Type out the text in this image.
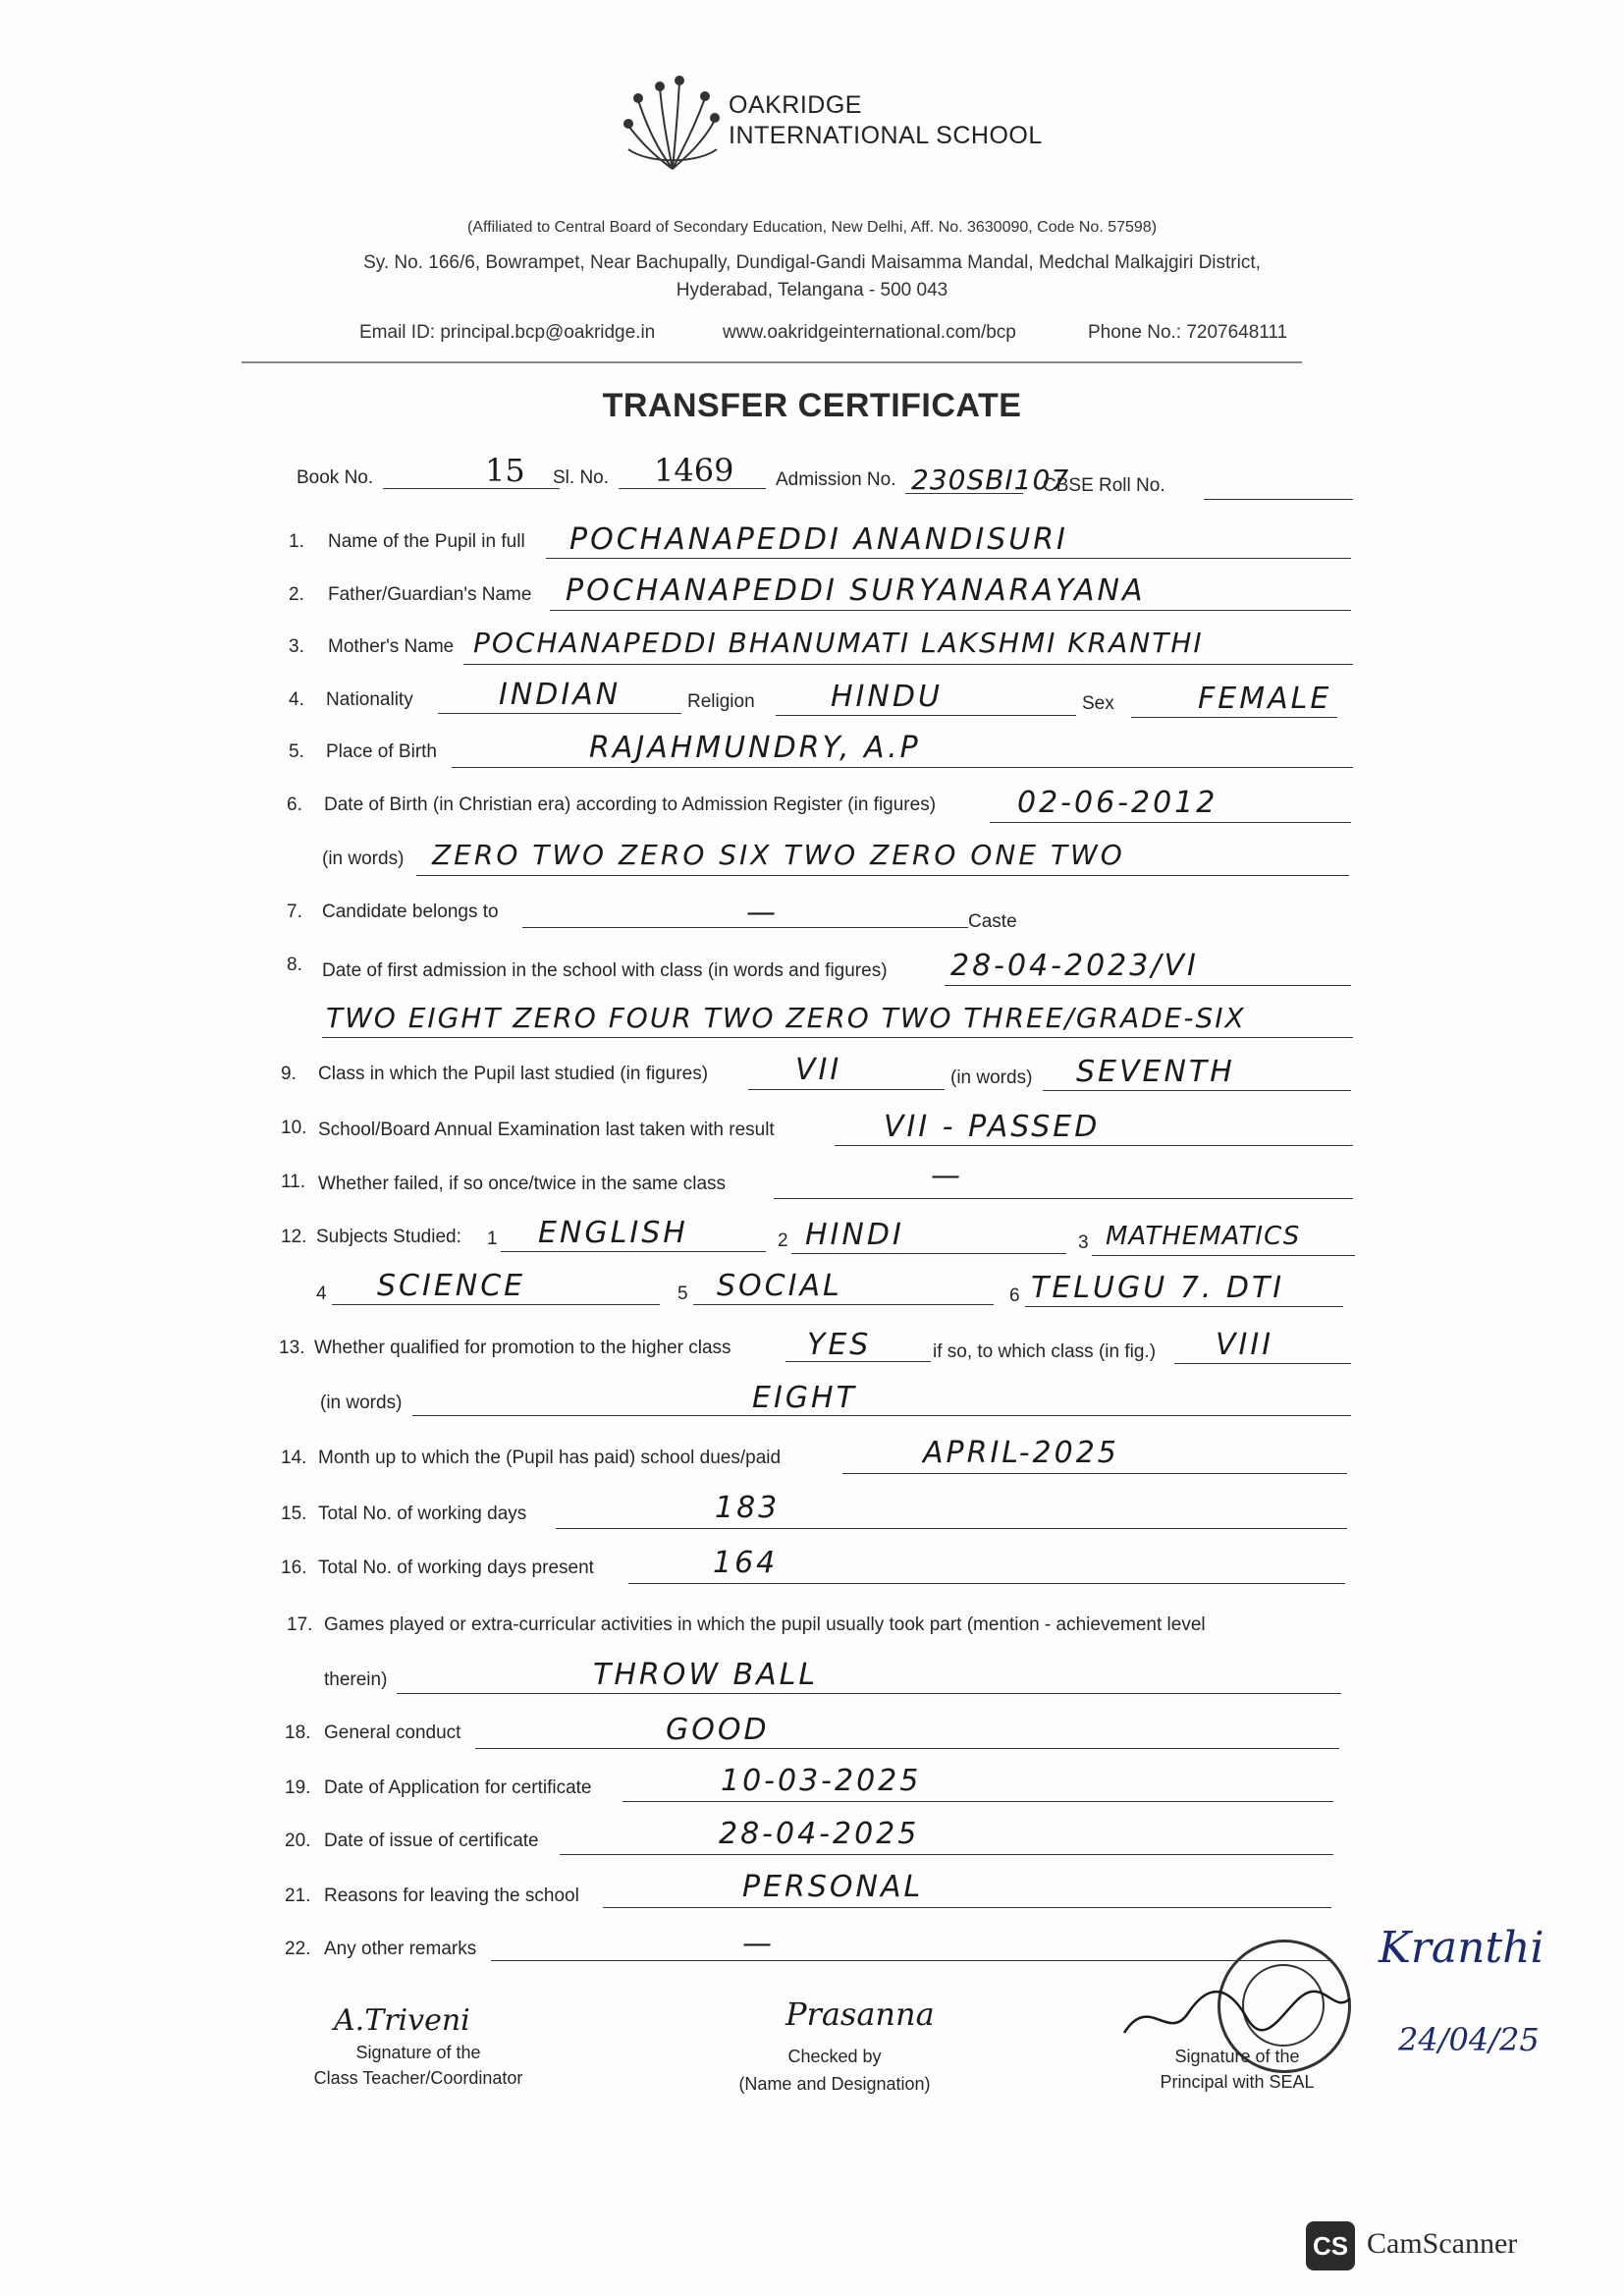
OAKRIDGE
INTERNATIONAL SCHOOL
(Affiliated to Central Board of Secondary Education, New Delhi, Aff. No. 3630090, Code No. 57598)
Sy. No. 166/6, Bowrampet, Near Bachupally, Dundigal-Gandi Maisamma Mandal, Medchal Malkajgiri District,
Hyderabad, Telangana - 500 043
Email ID: principal.bcp@oakridge.in	www.oakridgeinternational.com/bcp	Phone No.: 7207648111
TRANSFER CERTIFICATE
Book No.	15 Sl. No. 1469 Admission No. 230SBI107
CBSE Roll No.
1. Name of the Pupil in full POCHANAPEDDI ANANDISURI
2. Father/Guardian's Name POCHANAPEDDI SURYANARAYANA
3. Mother's Name POCHANAPEDDI BHANUMATI LAKSHMI KRANTHI
4. Nationality	INDIAN	Religion	HINDU	Sex	FEMALE
5. Place of Birth	RAJAHMUNDRY, A.P
6. Date of Birth (in Christian era) according to Admission Register (in figures)	02-06-2012
(in words) ZERO TWO ZERO SIX TWO ZERO ONE TWO
7. Candidate belongs to	—	Caste
8. Date of first admission in the school with class (in words and figures) 28-04-2023/VI
TWO EIGHT ZERO FOUR TWO ZERO TWO THREE/GRADE-SIX
9. Class in which the Pupil last studied (in figures)	VII	(in words) SEVENTH
10. School/Board Annual Examination last taken with result	VII - PASSED
11. Whether failed, if so once/twice in the same class	—
12. Subjects Studied: 1 ENGLISH	2 HINDI	3 MATHEMATICS
4 SCIENCE	5 SOCIAL	6 TELUGU 7. DTI
13. Whether qualified for promotion to the higher class	YES	if so, to which class (in fig.) VIII
(in words)	EIGHT
14. Month up to which the (Pupil has paid) school dues/paid	APRIL-2025
15. Total No. of working days	183
16. Total No. of working days present	164
17. Games played or extra-curricular activities in which the pupil usually took part (mention - achievement level
therein)	THROW BALL
18. General conduct	GOOD
19. Date of Application for certificate	10-03-2025
20. Date of issue of certificate	28-04-2025
21. Reasons for leaving the school	PERSONAL
22. Any other remarks	—
A.Triveni
Signature of the
Class Teacher/Coordinator
Prasanna
Checked by
(Name and Designation)
Signature of the
Principal with SEAL
Kranthi
24/04/25
CS CamScanner
